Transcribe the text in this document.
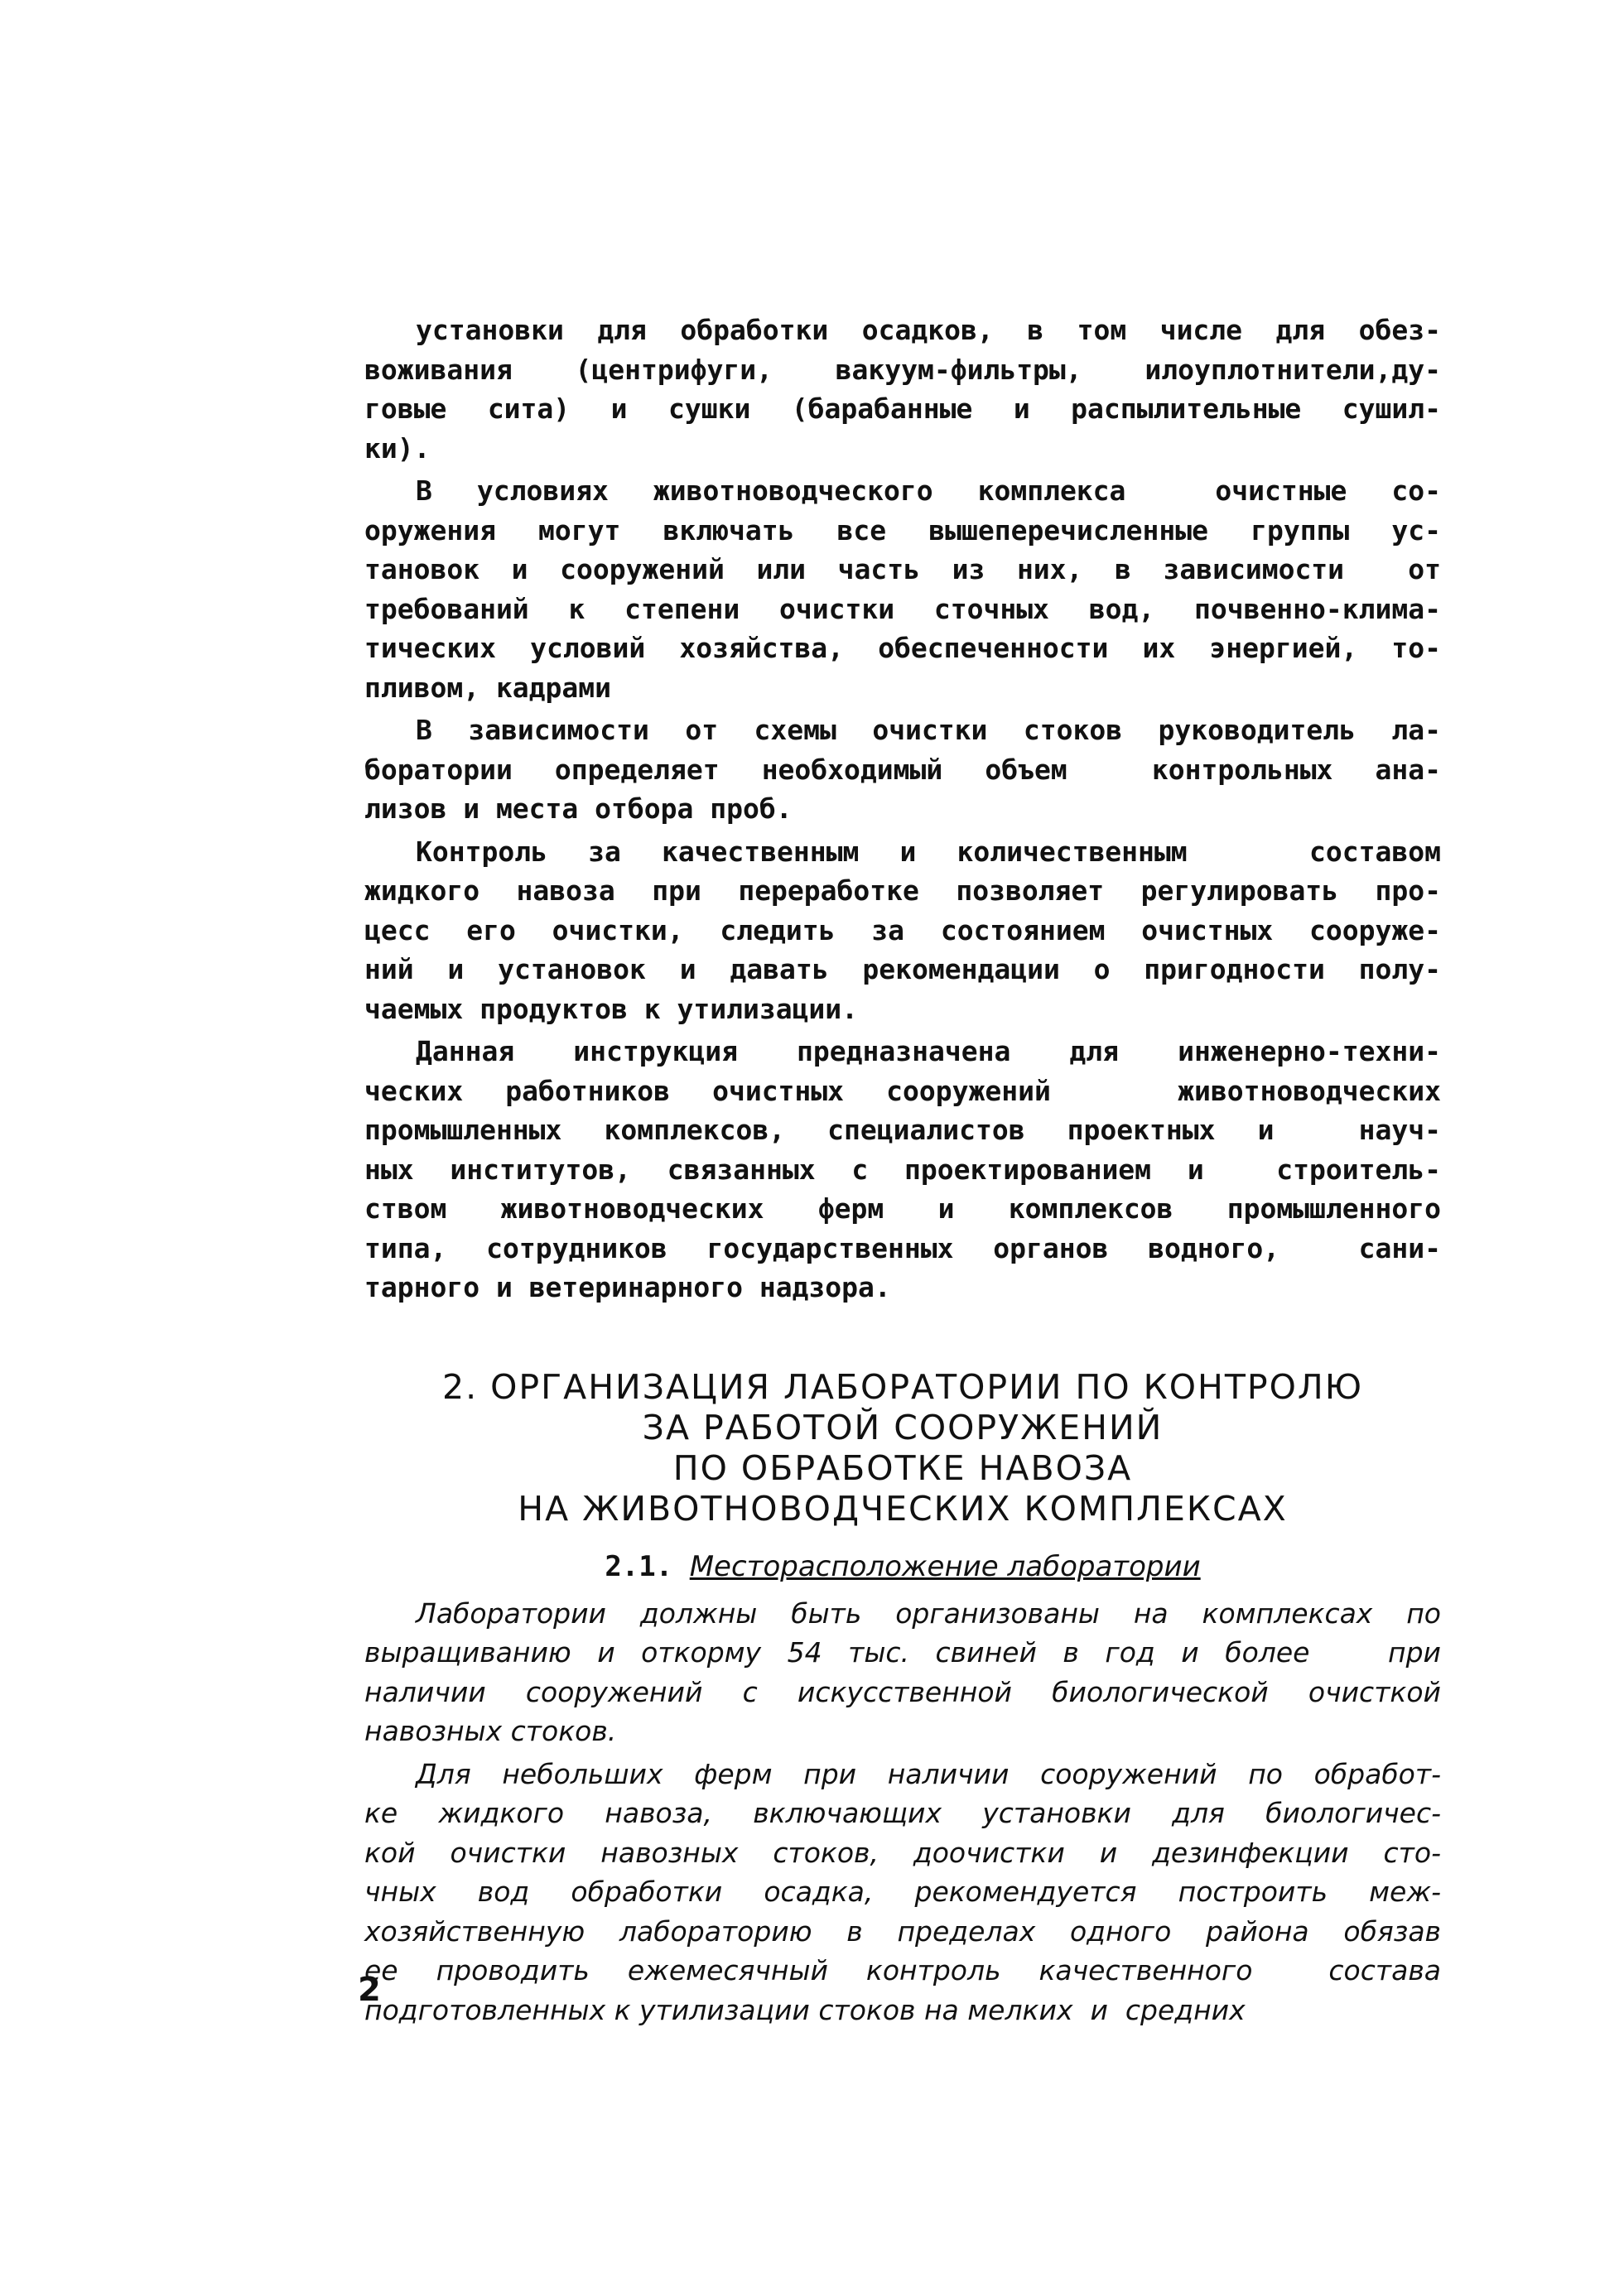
установки для обработки осадков, в том числе для обез-
воживания (центрифуги, вакуум-фильтры, илоуплотнители,ду-
говые сита) и сушки (барабанные и распылительные сушил-
ки).
В условиях животноводческого комплекса  очистные со-
оружения могут включать все вышеперечисленные группы ус-
тановок и сооружений или часть из них, в зависимости  от
требований к степени очистки сточных вод, почвенно-клима-
тических условий хозяйства, обеспеченности их энергией, то-
пливом, кадрами
В зависимости от схемы очистки стоков руководитель ла-
боратории определяет необходимый объем  контрольных ана-
лизов и места отбора проб.
Контроль за качественным и количественным   составом
жидкого навоза при переработке позволяет регулировать про-
цесс его очистки, следить за состоянием очистных сооруже-
ний и установок и давать рекомендации о пригодности полу-
чаемых продуктов к утилизации.
Данная инструкция предназначена для инженерно-техни-
ческих работников очистных сооружений   животноводческих
промышленных комплексов, специалистов проектных и  науч-
ных институтов, связанных с проектированием и  строитель-
ством животноводческих ферм и комплексов промышленного
типа, сотрудников государственных органов водного,  сани-
тарного и ветеринарного надзора.
2. ОРГАНИЗАЦИЯ ЛАБОРАТОРИИ ПО КОНТРОЛЮ
ЗА РАБОТОЙ СООРУЖЕНИЙ
ПО ОБРАБОТКЕ НАВОЗА
НА ЖИВОТНОВОДЧЕСКИХ КОМПЛЕКСАХ
2.1. Месторасположение лаборатории
Лаборатории должны быть организованы на комплексах по
выращиванию и откорму 54 тыс. свиней в год и более   при
наличии сооружений с искусственной биологической очисткой
навозных стоков.
Для небольших ферм при наличии сооружений по обработ-
ке жидкого навоза, включающих установки для биологичес-
кой очистки навозных стоков, доочистки и дезинфекции сто-
чных вод обработки осадка, рекомендуется построить меж-
хозяйственную лабораторию в пределах одного района обязав
ее проводить ежемесячный контроль качественного  состава
подготовленных к утилизации стоков на мелких  и  средних
2
